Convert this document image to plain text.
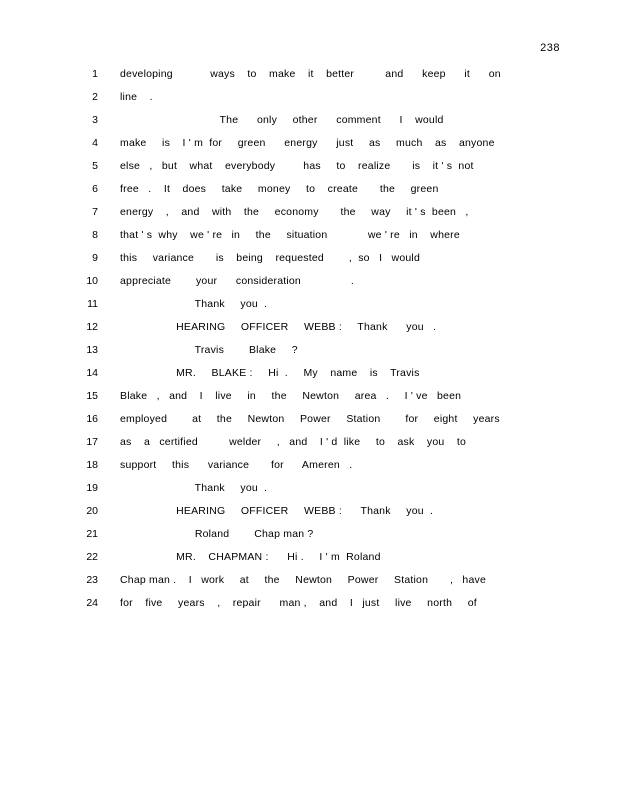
238
1	developing            ways    to    make    it    better          and      keep      it      on
2	line    .
3	The      only     other      comment      I    would
4	make     is    I ' m  for     green      energy      just     as     much    as    anyone
5	else   ,   but    what    everybody         has     to    realize       is    it ' s  not
6	free   .    It    does     take     money     to    create       the     green
7	energy    ,    and    with    the     economy       the     way     it ' s  been   ,
8	that ' s  why    we ' re   in     the     situation             we ' re   in    where
9	this     variance       is    being    requested        ,  so   I   would
10	appreciate        your      consideration                .
11	Thank     you  .
12	HEARING     OFFICER     WEBB :     Thank      you   .
13	Travis        Blake     ?
14	MR.     BLAKE :     Hi  .     My    name    is    Travis
15	Blake   ,   and    I    live     in     the     Newton     area   .     I ' ve   been
16	employed        at     the     Newton     Power     Station        for     eight     years
17	as    a   certified          welder     ,   and    I ' d  like     to    ask    you    to
18	support     this      variance       for      Ameren   .
19	Thank     you  .
20	HEARING     OFFICER     WEBB :      Thank     you  .
21	Roland        Chap man ?
22	MR.    CHAPMAN :      Hi .     I ' m  Roland
23	Chap man .    I   work     at     the     Newton     Power     Station       ,   have
24	for    five     years    ,    repair      man ,    and    I   just     live     north     of
